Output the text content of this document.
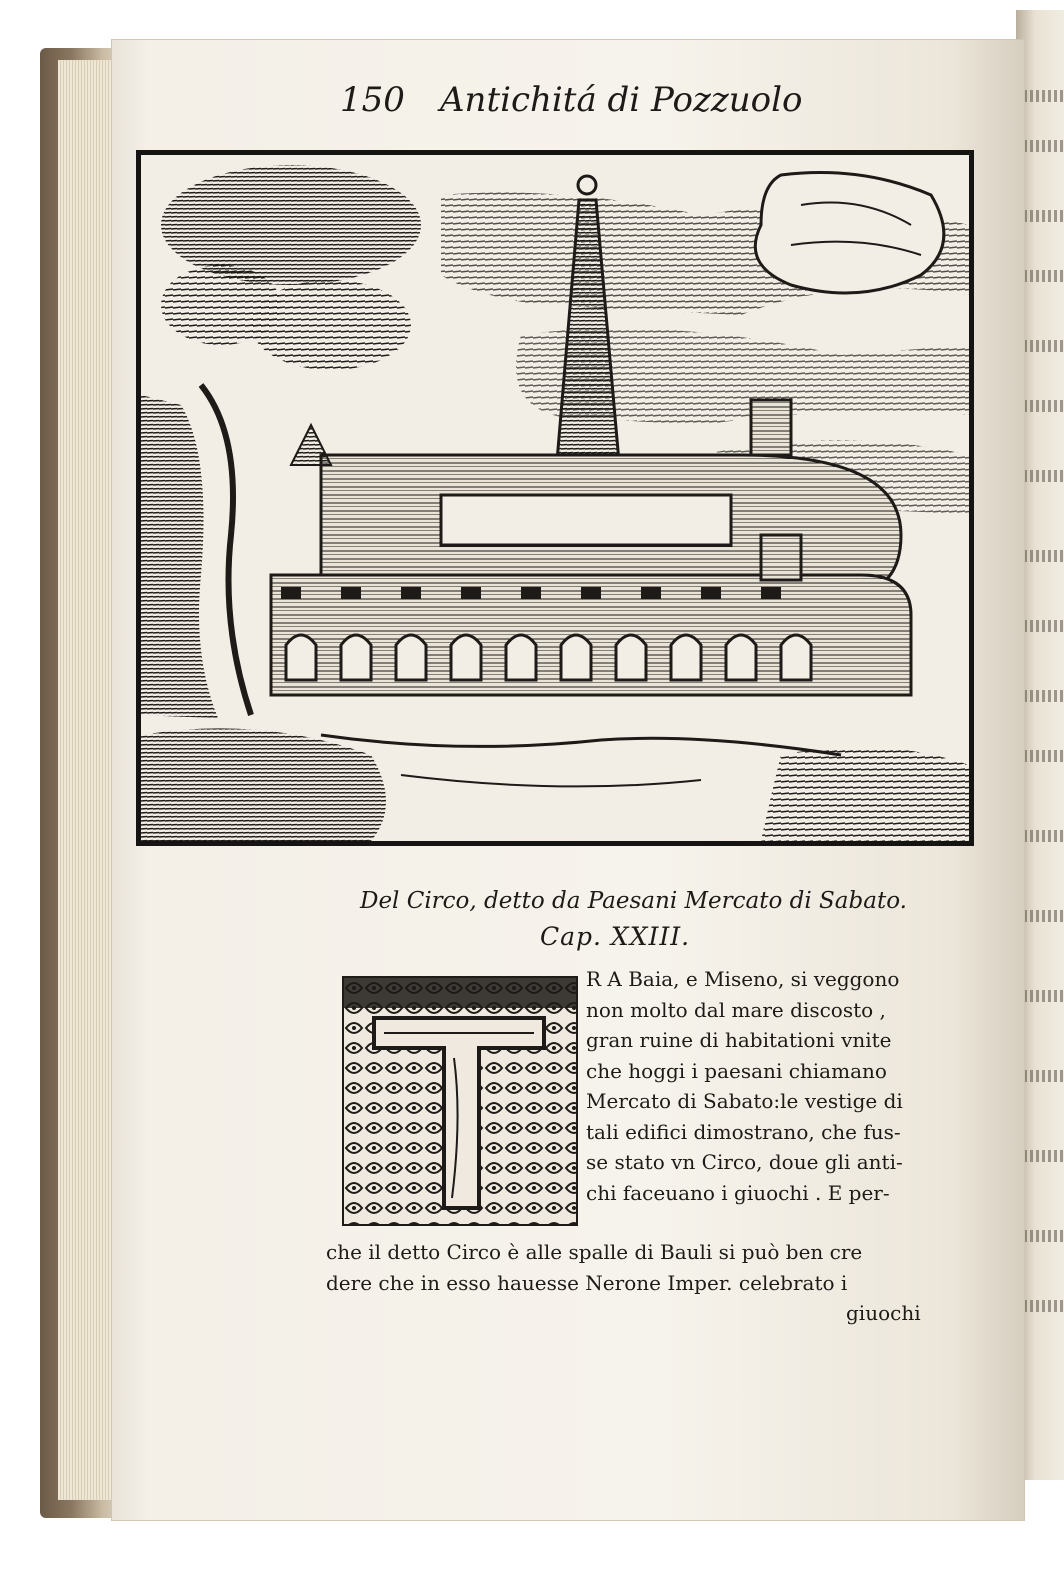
150 Antichitá di Pozzuolo
Del Circo, detto da Paesani Mercato di Sabato.
Cap. XXIII.
R A Baia, e Miseno, si veggono
non molto dal mare discosto ,
gran ruine di habitationi vnite
che hoggi i paesani chiamano
Mercato di Sabato:le vestige di
tali edifici dimostrano, che fus-
se stato vn Circo, doue gli anti-
chi faceuano i giuochi . E per-
che il detto Circo è alle spalle di Bauli si può ben cre
dere che in esso hauesse Nerone Imper. celebrato i
giuochi
